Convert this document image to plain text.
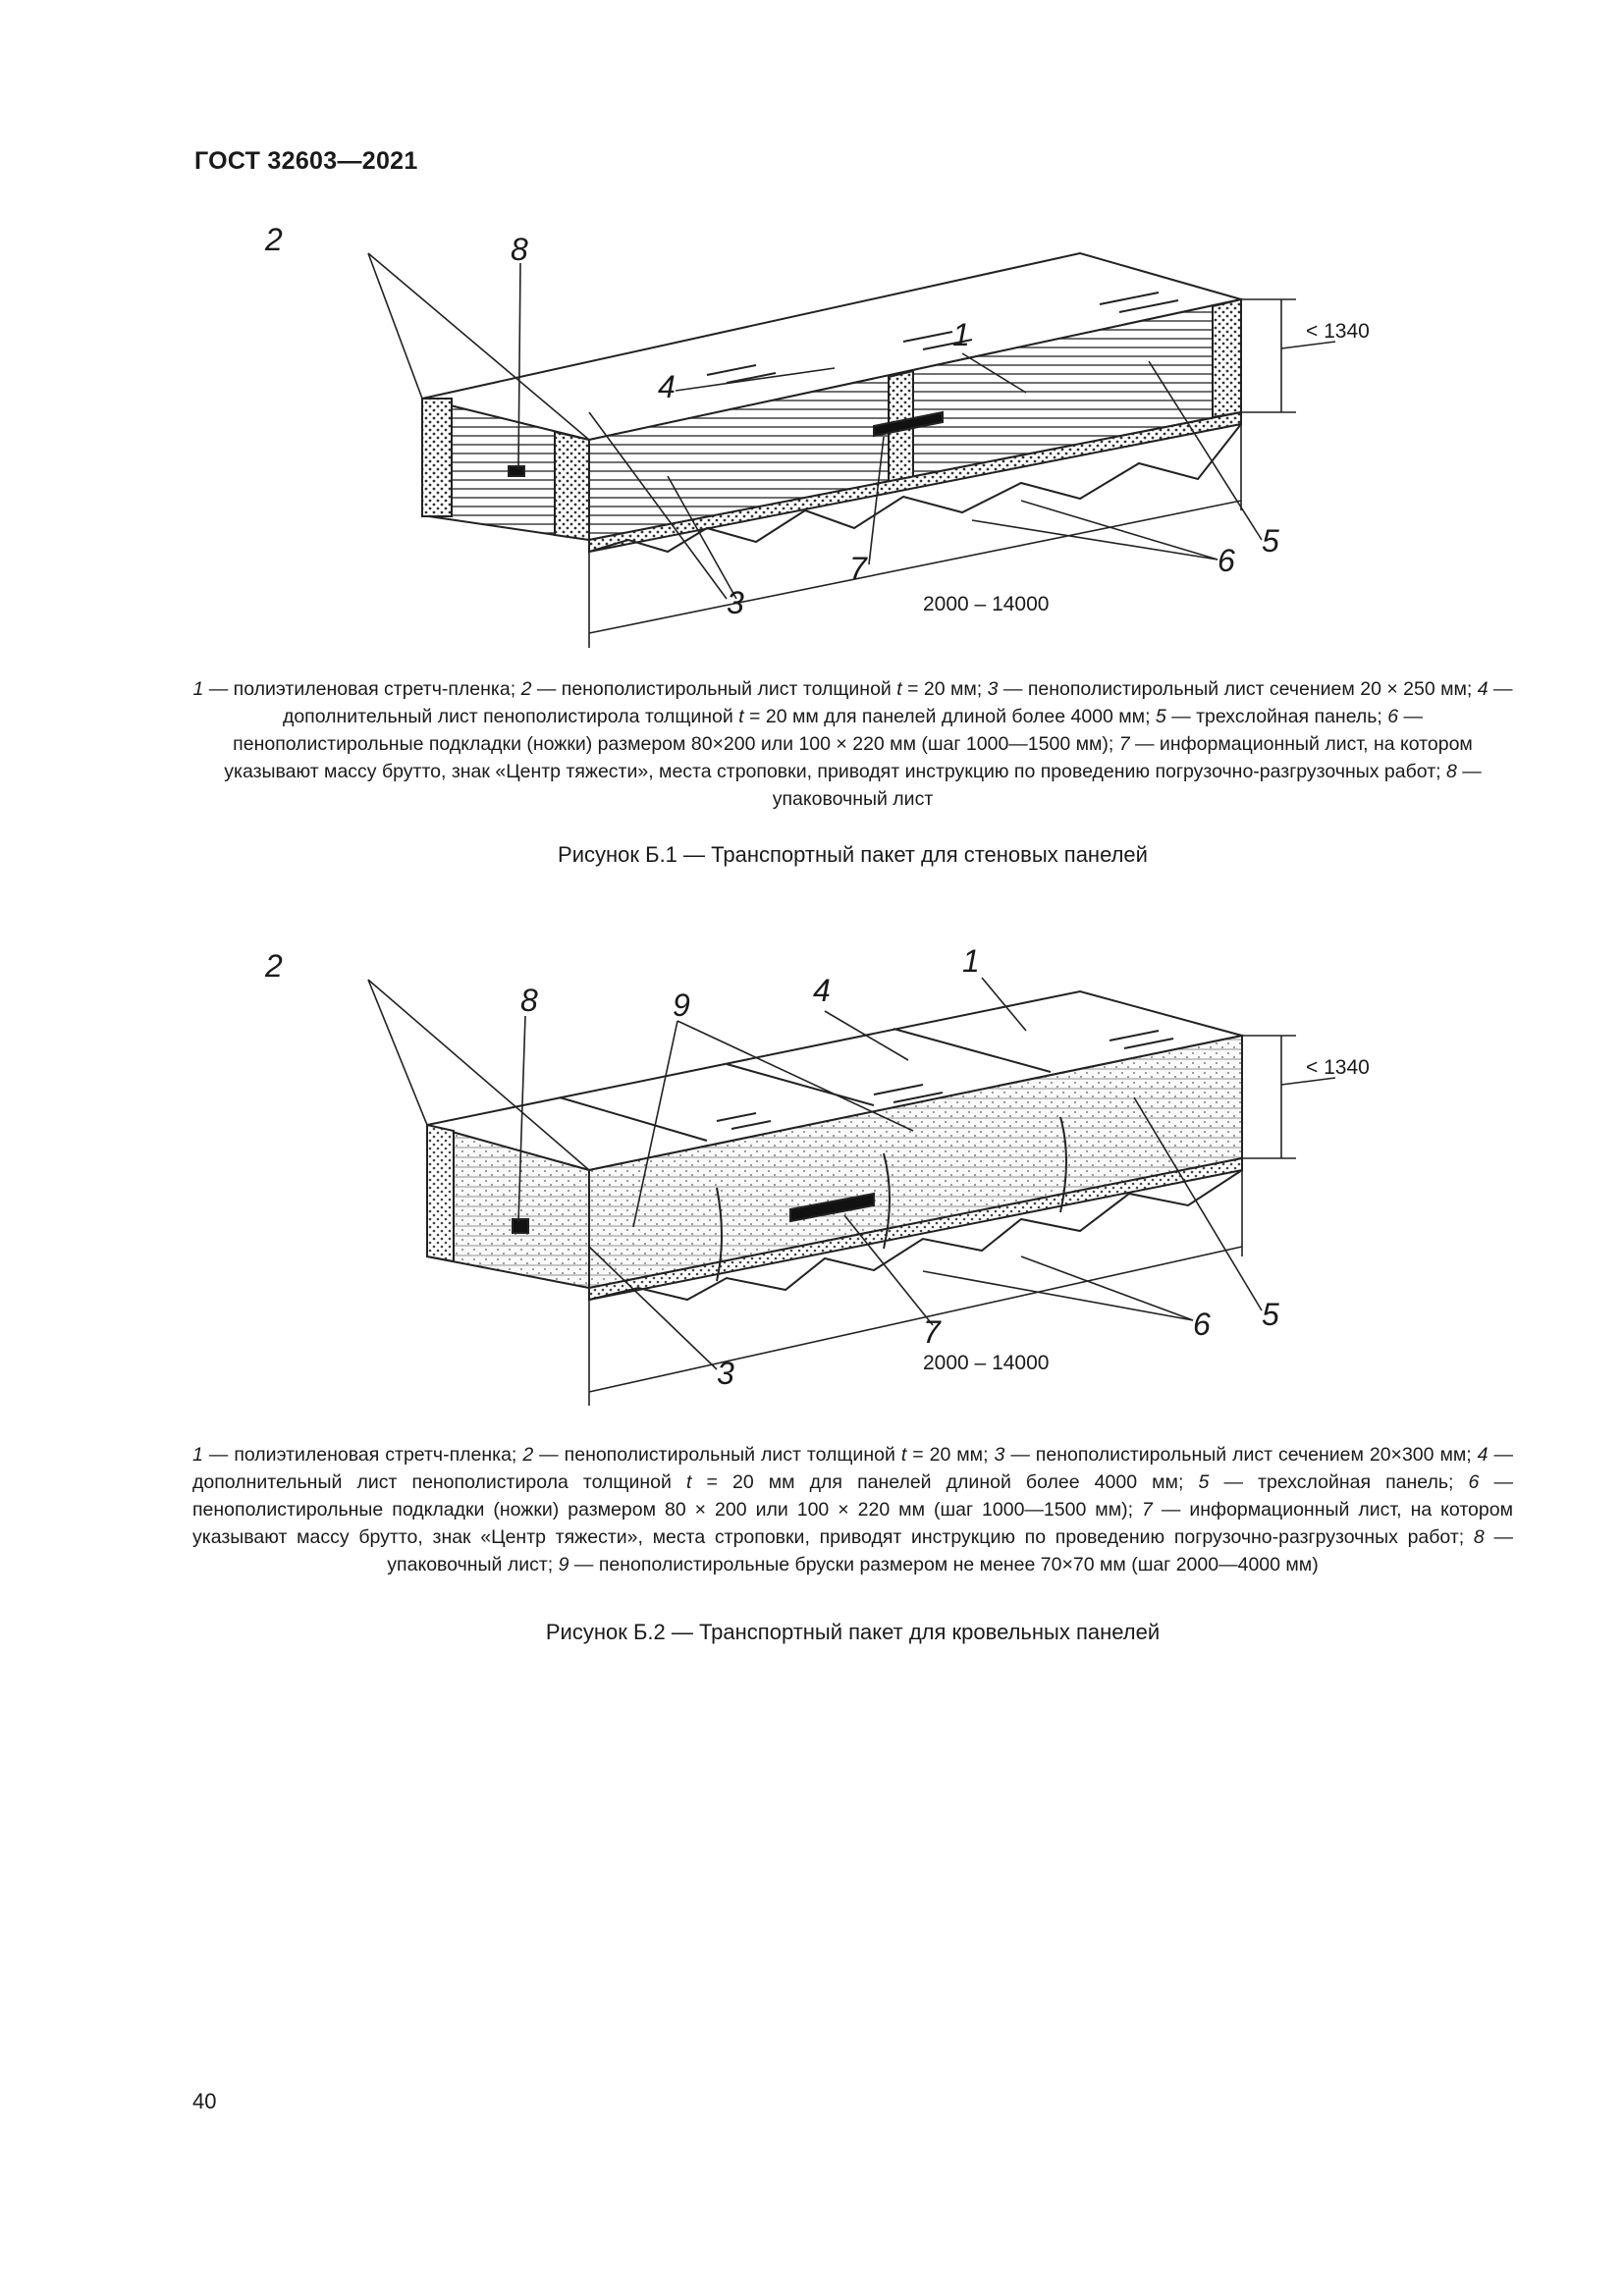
ГОСТ 32603—2021
4
1
2	8
3
7	6
5
< 1340
2000 – 14000
1 — полиэтиленовая стретч-пленка; 2 — пенополистирольный лист толщиной t = 20 мм; 3 — пенополистирольный лист сечением 20 × 250 мм; 4 — дополнительный лист пенополистирола толщиной t = 20 мм для панелей длиной более 4000 мм; 5 — трехслойная панель; 6 — пенополистирольные подкладки (ножки) размером 80×200 или 100 × 220 мм (шаг 1000—1500 мм); 7 — информационный лист, на котором указывают массу брутто, знак «Центр тяжести», места строповки, приводят инструкцию по проведению погрузочно-разгрузочных работ; 8 — упаковочный лист
Рисунок Б.1 — Транспортный пакет для стеновых панелей
9	4
1
2
8
3
7	6 5
< 1340
2000 – 14000
1 — полиэтиленовая стретч-пленка; 2 — пенополистирольный лист толщиной t = 20 мм; 3 — пенополистирольный лист сечением 20×300 мм; 4 — дополнительный лист пенополистирола толщиной t = 20 мм для панелей длиной более 4000 мм; 5 — трехслойная панель; 6 — пенополистирольные подкладки (ножки) размером 80 × 200 или 100 × 220 мм (шаг 1000—1500 мм); 7 — информационный лист, на котором указывают массу брутто, знак «Центр тяжести», места строповки, приводят инструкцию по проведению погрузочно-разгрузочных работ; 8 — упаковочный лист; 9 — пенополистирольные бруски размером не менее 70×70 мм (шаг 2000—4000 мм)
Рисунок Б.2 — Транспортный пакет для кровельных панелей
40
